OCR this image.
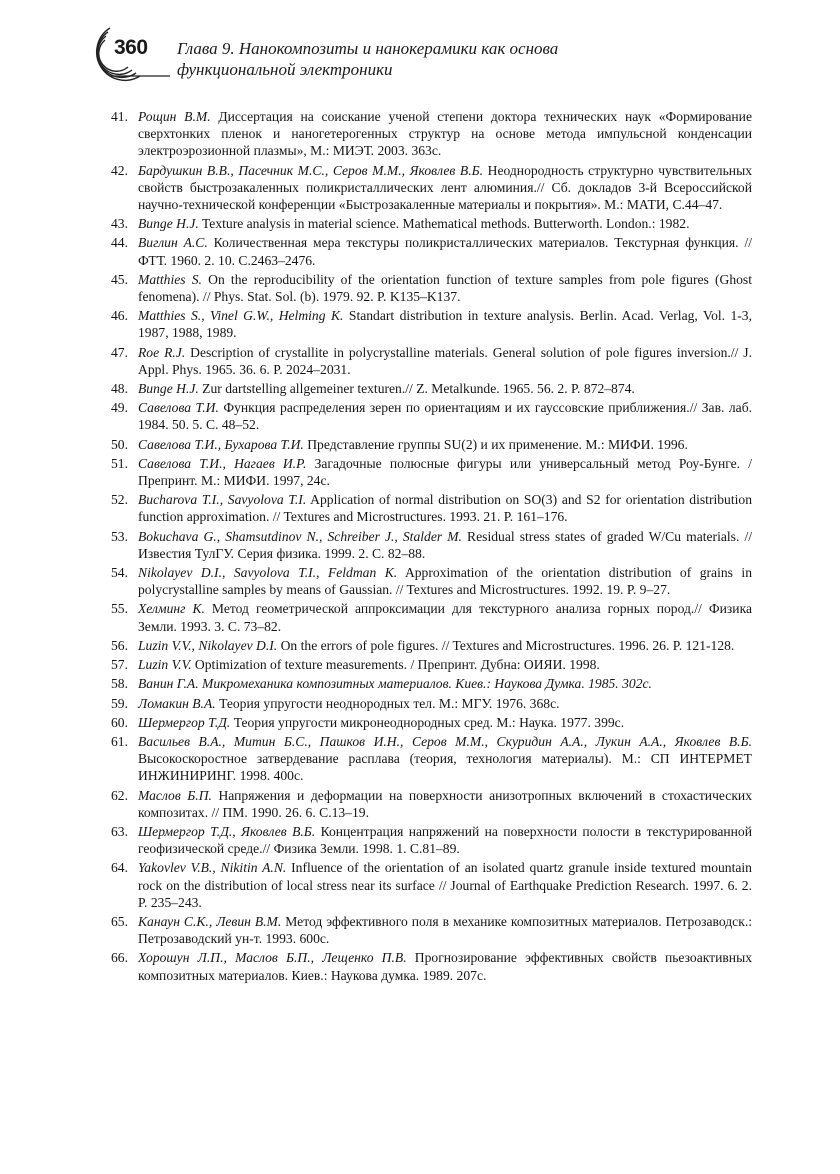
360 Глава 9. Нанокомпозиты и нанокерамики как основа
функциональной электроники
41. Рощин В.М. Диссертация на соискание ученой степени доктора технических наук «Формирование сверхтонких пленок и наногетерогенных структур на основе метода импульсной конденсации электроэрозионной плазмы», М.: МИЭТ. 2003. 363с.
42. Бардушкин В.В., Пасечник М.С., Серов М.М., Яковлев В.Б. Неоднородность структурно чувствительных свойств быстрозакаленных поликристаллических лент алюминия.// Сб. докладов 3-й Всероссийской научно-технической конференции «Быстрозакаленные материалы и покрытия». М.: МАТИ, С.44–47.
43. Bunge H.J. Texture analysis in material science. Mathematical methods. Butterworth. London.: 1982.
44. Виглин А.С. Количественная мера текстуры поликристаллических материалов. Текстурная функция. // ФТТ. 1960. 2. 10. С.2463–2476.
45. Matthies S. On the reproducibility of the orientation function of texture samples from pole figures (Ghost fenomena). // Phys. Stat. Sol. (b). 1979. 92. P. K135–K137.
46. Matthies S., Vinel G.W., Helming K. Standart distribution in texture analysis. Berlin. Acad. Verlag, Vol. 1-3, 1987, 1988, 1989.
47. Roe R.J. Description of crystallite in polycrystalline materials. General solution of pole figures inversion.// J. Appl. Phys. 1965. 36. 6. P. 2024–2031.
48. Bunge H.J. Zur dartstelling allgemeiner texturen.// Z. Metalkunde. 1965. 56. 2. P. 872–874.
49. Савелова Т.И. Функция распределения зерен по ориентациям и их гауссовские приближения.// Зав. лаб. 1984. 50. 5. С. 48–52.
50. Савелова Т.И., Бухарова Т.И. Представление группы SU(2) и их применение. М.: МИФИ. 1996.
51. Савелова Т.И., Нагаев И.Р. Загадочные полюсные фигуры или универсальный метод Роу-Бунге. / Препринт. М.: МИФИ. 1997, 24с.
52. Bucharova T.I., Savyolova T.I. Application of normal distribution on SO(3) and S2 for orientation distribution function approximation. // Textures and Microstructures. 1993. 21. P. 161–176.
53. Bokuchava G., Shamsutdinov N., Schreiber J., Stalder M. Residual stress states of graded W/Cu materials. // Известия ТулГУ. Серия физика. 1999. 2. С. 82–88.
54. Nikolayev D.I., Savyolova T.I., Feldman K. Approximation of the orientation distribution of grains in polycrystalline samples by means of Gaussian. // Textures and Microstructures. 1992. 19. P. 9–27.
55. Хелминг К. Метод геометрической аппроксимации для текстурного анализа горных пород.// Физика Земли. 1993. 3. С. 73–82.
56. Luzin V.V., Nikolayev D.I. On the errors of pole figures. // Textures and Microstructures. 1996. 26. P. 121-128.
57. Luzin V.V. Optimization of texture measurements. / Препринт. Дубна: ОИЯИ. 1998.
58. Ванин Г.А. Микромеханика композитных материалов. Киев.: Наукова Думка. 1985. 302с.
59. Ломакин В.А. Теория упругости неоднородных тел. М.: МГУ. 1976. 368с.
60. Шермергор Т.Д. Теория упругости микронеоднородных сред. М.: Наука. 1977. 399с.
61. Васильев В.А., Митин Б.С., Пашков И.Н., Серов М.М., Скуридин А.А., Лукин А.А., Яковлев В.Б. Высокоскоростное затвердевание расплава (теория, технология материалы). М.: СП ИНТЕРМЕТ ИНЖИНИРИНГ. 1998. 400с.
62. Маслов Б.П. Напряжения и деформации на поверхности анизотропных включений в стохастических композитах. // ПМ. 1990. 26. 6. С.13–19.
63. Шермергор Т.Д., Яковлев В.Б. Концентрация напряжений на поверхности полости в текстурированной геофизической среде.// Физика Земли. 1998. 1. С.81–89.
64. Yakovlev V.B., Nikitin A.N. Influence of the orientation of an isolated quartz granule inside textured mountain rock on the distribution of local stress near its surface // Journal of Earthquake Prediction Research. 1997. 6. 2. P. 235–243.
65. Канаун С.К., Левин В.М. Метод эффективного поля в механике композитных материалов. Петрозаводск.: Петрозаводский ун-т. 1993. 600с.
66. Хорошун Л.П., Маслов Б.П., Лещенко П.В. Прогнозирование эффективных свойств пьезоактивных композитных материалов. Киев.: Наукова думка. 1989. 207с.
